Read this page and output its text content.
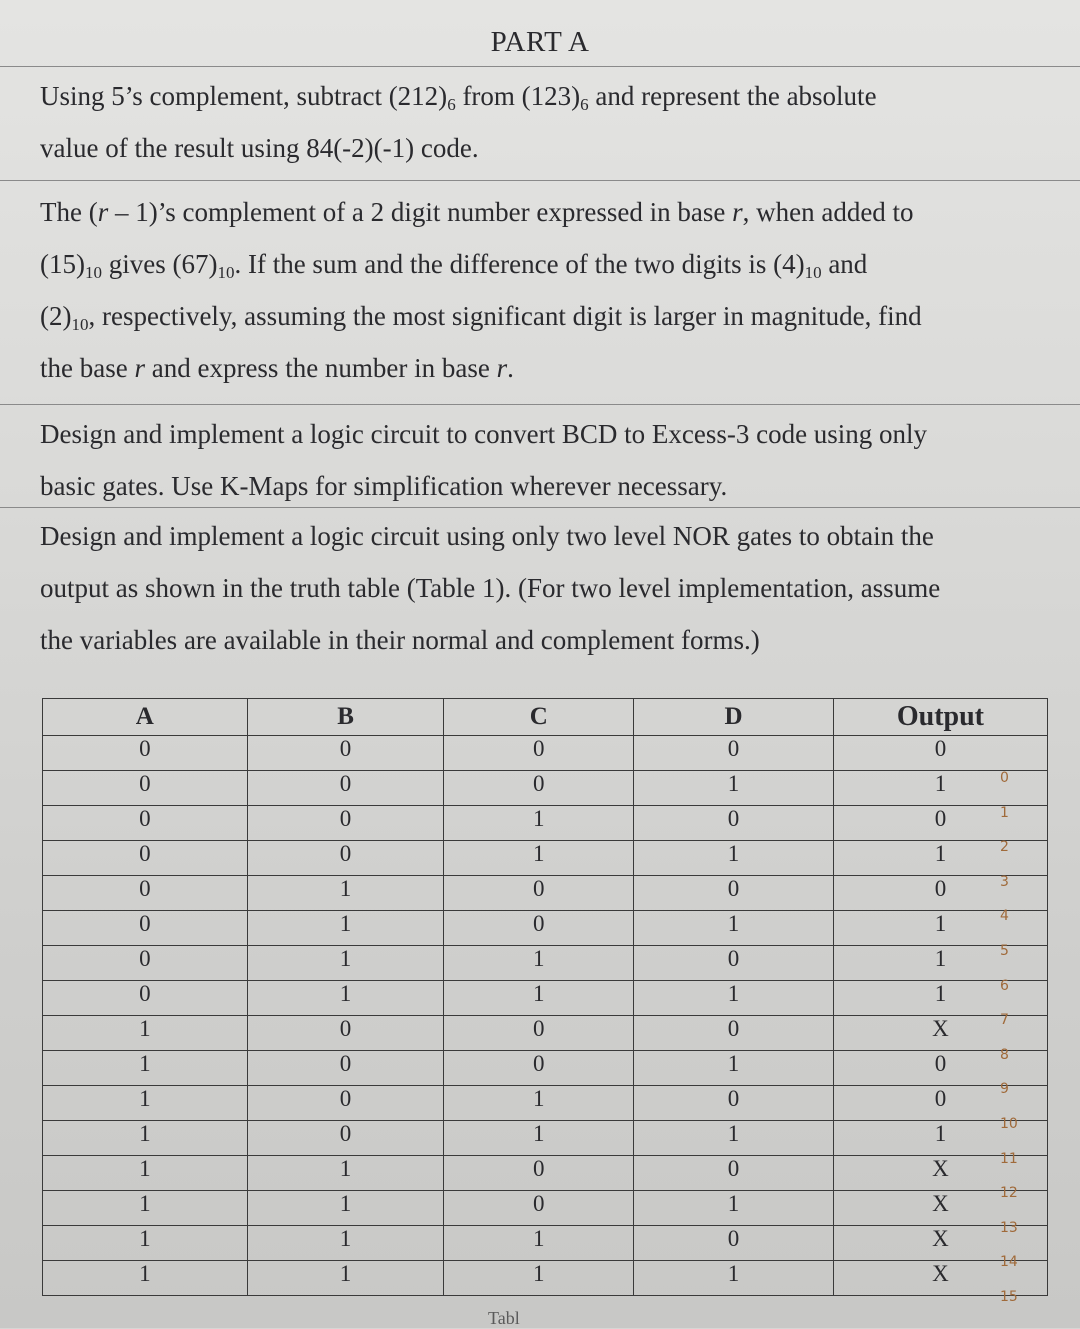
PART A
Using 5’s complement, subtract $(212)_6$ from $(123)_6$ and represent the absolute
value of the result using 84(-2)(-1) code.
The (r – 1)’s complement of a 2 digit number expressed in base r, when added to
$(15)_{10}$ gives $(67)_{10}$. If the sum and the difference of the two digits is $(4)_{10}$ and
$(2)_{10}$, respectively, assuming the most significant digit is larger in magnitude, find
the base r and express the number in base r.
Design and implement a logic circuit to convert BCD to Excess-3 code using only
basic gates. Use K-Maps for simplification wherever necessary.
Design and implement a logic circuit using only two level NOR gates to obtain the
output as shown in the truth table (Table 1). (For two level implementation, assume
the variables are available in their normal and complement forms.)
A	B	C	D	Output
0	0	0	0	0
0	0	0	1	1
0	0	1	0	0
0	0	1	1	1
0	1	0	0	0
0	1	0	1	1
0	1	1	0	1
0	1	1	1	1
1	0	0	0	X
1	0	0	1	0
1	0	1	0	0
1	0	1	1	1
1	1	0	0	X
1	1	0	1	X
1	1	1	0	X
1	1	1	1	X
0
1
2
3
4
5
6
7
8
9
10
11
12
13
14
15
Tabl
